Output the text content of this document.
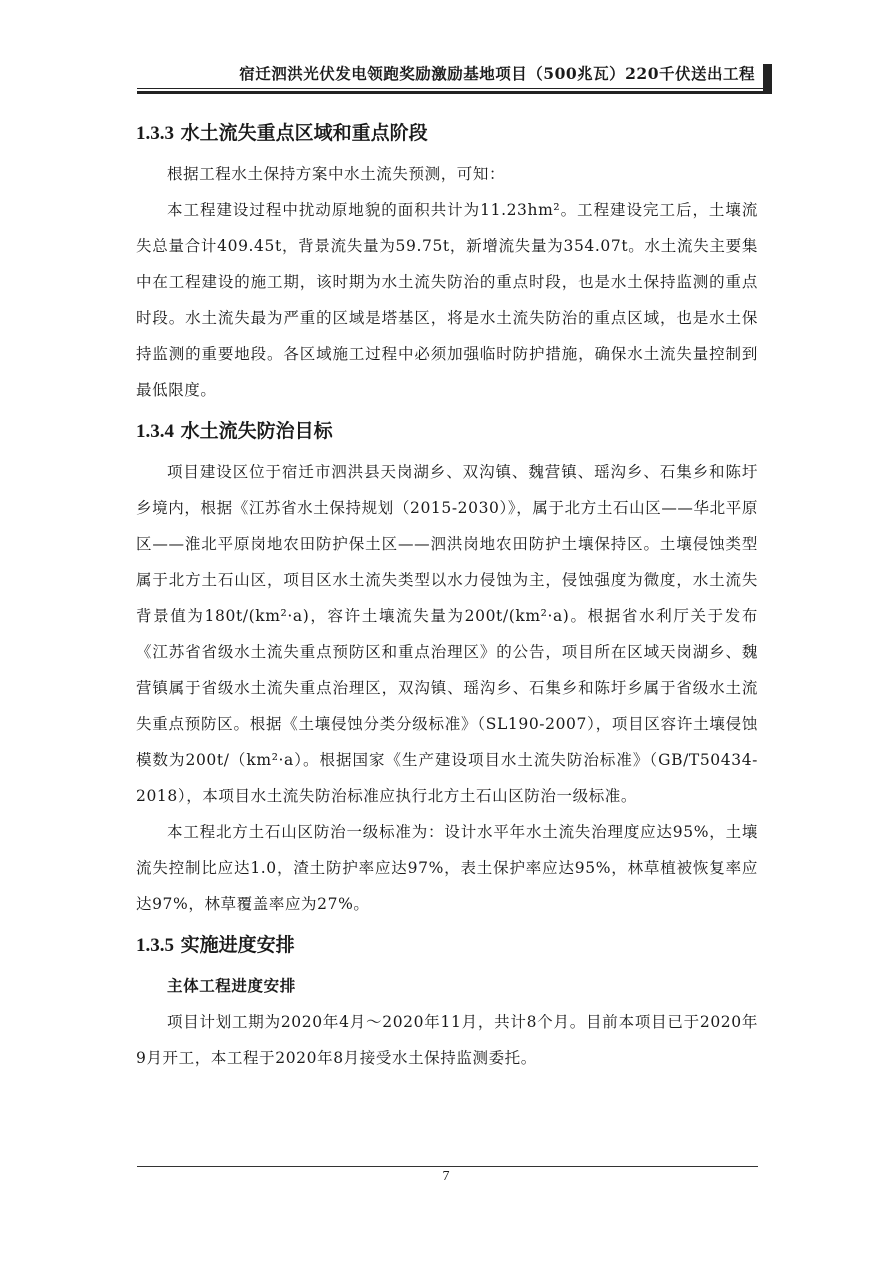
宿迁泗洪光伏发电领跑奖励激励基地项目（500兆瓦）220千伏送出工程
1.3.3 水土流失重点区域和重点阶段

根据工程水土保持方案中水土流失预测，可知：

本工程建设过程中扰动原地貌的面积共计为11.23hm²。工程建设完工后，土壤流失总量合计409.45t，背景流失量为59.75t，新增流失量为354.07t。水土流失主要集中在工程建设的施工期，该时期为水土流失防治的重点时段，也是水土保持监测的重点时段。水土流失最为严重的区域是塔基区，将是水土流失防治的重点区域，也是水土保持监测的重要地段。各区域施工过程中必须加强临时防护措施，确保水土流失量控制到最低限度。

1.3.4 水土流失防治目标

项目建设区位于宿迁市泗洪县天岗湖乡、双沟镇、魏营镇、瑶沟乡、石集乡和陈圩乡境内，根据《江苏省水土保持规划（2015-2030）》，属于北方土石山区——华北平原区——淮北平原岗地农田防护保土区——泗洪岗地农田防护土壤保持区。土壤侵蚀类型属于北方土石山区，项目区水土流失类型以水力侵蚀为主，侵蚀强度为微度，水土流失背景值为180t/(km²·a)，容许土壤流失量为200t/(km²·a)。根据省水利厅关于发布《江苏省省级水土流失重点预防区和重点治理区》的公告，项目所在区域天岗湖乡、魏营镇属于省级水土流失重点治理区，双沟镇、瑶沟乡、石集乡和陈圩乡属于省级水土流失重点预防区。根据《土壤侵蚀分类分级标准》（SL190-2007），项目区容许土壤侵蚀模数为200t/（km²·a）。根据国家《生产建设项目水土流失防治标准》（GB/T50434-2018），本项目水土流失防治标准应执行北方土石山区防治一级标准。

本工程北方土石山区防治一级标准为：设计水平年水土流失治理度应达95%，土壤流失控制比应达1.0，渣土防护率应达97%，表土保护率应达95%，林草植被恢复率应达97%，林草覆盖率应为27%。

1.3.5 实施进度安排

主体工程进度安排

项目计划工期为2020年4月～2020年11月，共计8个月。目前本项目已于2020年9月开工，本工程于2020年8月接受水土保持监测委托。

7
